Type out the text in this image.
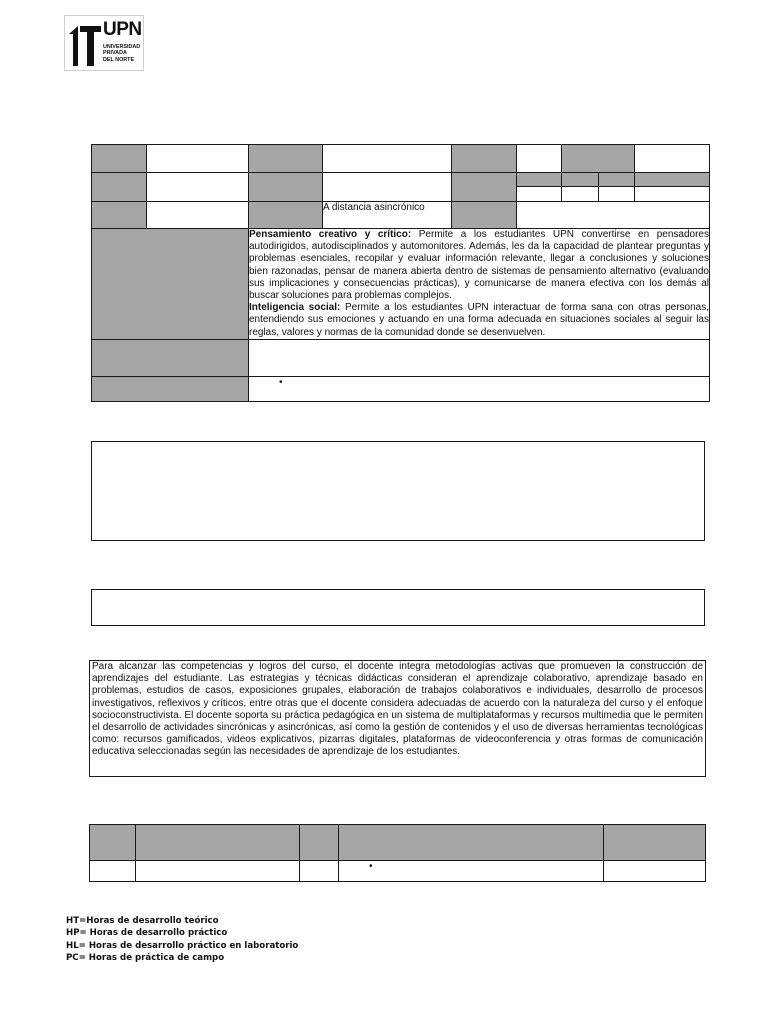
UPN
UNIVERSIDAD
PRIVADA
DEL NORTE

			A distancia asincrónico					

		Pensamiento creativo y crítico: Permite a los estudiantes UPN convertirse en pensadores autodirigidos, autodisciplinados y automonitores. Además, les da la capacidad de plantear preguntas y problemas esenciales, recopilar y evaluar información relevante, llegar a conclusiones y soluciones bien razonadas, pensar de manera abierta dentro de sistemas de pensamiento alternativo (evaluando sus implicaciones y consecuencias prácticas), y comunicarse de manera efectiva con los demás al buscar soluciones para problemas complejos.
Inteligencia social: Permite a los estudiantes UPN interactuar de forma sana con otras personas, entendiendo sus emociones y actuando en una forma adecuada en situaciones sociales al seguir las reglas, valores y normas de la comunidad donde se desenvuelven.						

		•						
Para alcanzar las competencias y logros del curso, el docente integra metodologías activas que promueven la construcción de aprendizajes del estudiante. Las estrategias y técnicas didácticas consideran el aprendizaje colaborativo, aprendizaje basado en problemas, estudios de casos, exposiciones grupales, elaboración de trabajos colaborativos e individuales, desarrollo de procesos investigativos, reflexivos y críticos, entre otras que el docente considera adecuadas de acuerdo con la naturaleza del curso y el enfoque socioconstructivista. El docente soporta su práctica pedagógica en un sistema de multiplataformas y recursos multimedia que le permiten el desarrollo de actividades sincrónicas y asincrónicas, así como la gestión de contenidos y el uso de diversas herramientas tecnológicas como: recursos gamificados, videos explicativos, pizarras digitales, plataformas de videoconferencia y otras formas de comunicación educativa seleccionadas según las necesidades de aprendizaje de los estudiantes.

			•	

HT=Horas de desarrollo teórico
HP= Horas de desarrollo práctico
HL= Horas de desarrollo práctico en laboratorio
PC= Horas de práctica de campo
